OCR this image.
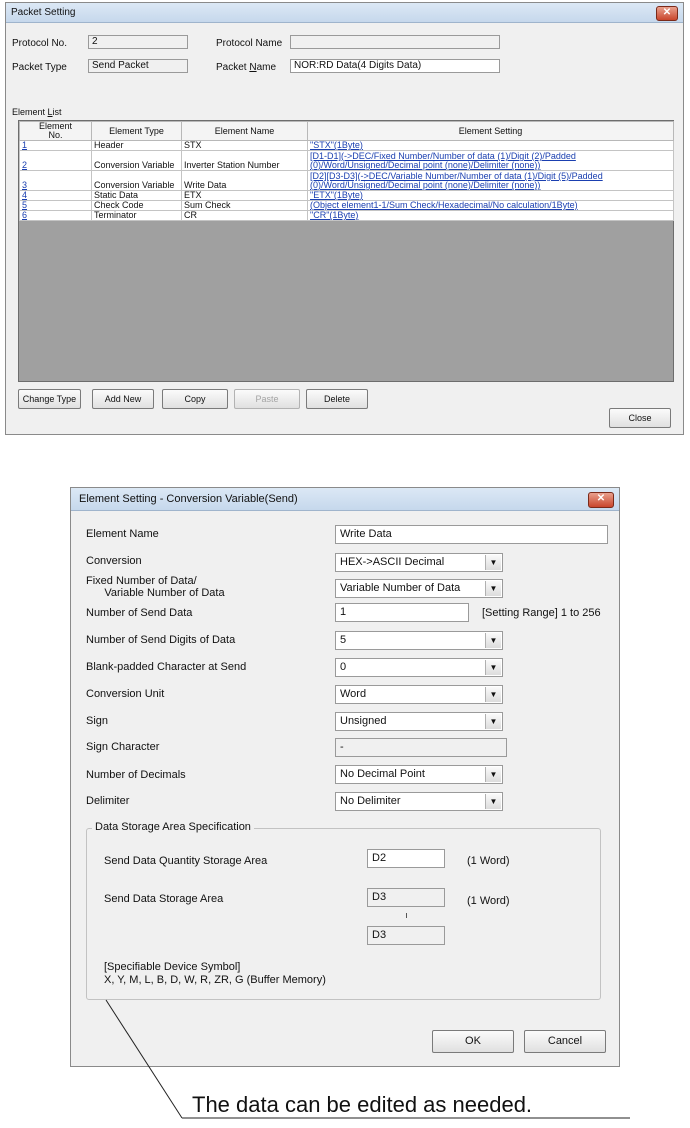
Packet Setting	✕
Protocol No.	2	Protocol Name
Packet Type	Send Packet	Packet Name	NOR:RD Data(4 Digits Data)
Element List
Element No.	Element Type	Element Name	Element Setting
1	Header	STX	"STX"(1Byte)
2	Conversion Variable	Inverter Station Number	[D1-D1](->DEC/Fixed Number/Number of data (1)/Digit (2)/Padded
(0)/Word/Unsigned/Decimal point (none)/Delimiter (none))

3	Conversion Variable	Write Data	[D2][D3-D3](->DEC/Variable Number/Number of data (1)/Digit (5)/Padded
(0)/Word/Unsigned/Decimal point (none)/Delimiter (none))

4	Static Data	ETX	"ETX"(1Byte)
5	Check Code	Sum Check	(Object element1-1/Sum Check/Hexadecimal/No calculation/1Byte)
6	Terminator	CR	"CR"(1Byte)
Change Type	Add New	Copy	Paste	Delete
Close
Element Setting - Conversion Variable(Send)	✕
Element Name	Write Data
Conversion	HEX->ASCII Decimal	▼
Fixed Number of Data/
Variable Number of Data	Variable Number of Data	▼
Number of Send Data	1	[Setting Range] 1 to 256
Number of Send Digits of Data	5	▼
Blank-padded Character at Send	0	▼
Conversion Unit	Word	▼
Sign	Unsigned	▼
Sign Character	-
Number of Decimals	No Decimal Point	▼
Delimiter	No Delimiter	▼
Data Storage Area Specification
Send Data Quantity Storage Area	D2	(1 Word)
Send Data Storage Area	D3	(1 Word)
D3
[Specifiable Device Symbol]
X, Y, M, L, B, D, W, R, ZR, G (Buffer Memory)
OK	Cancel
The data can be edited as needed.
